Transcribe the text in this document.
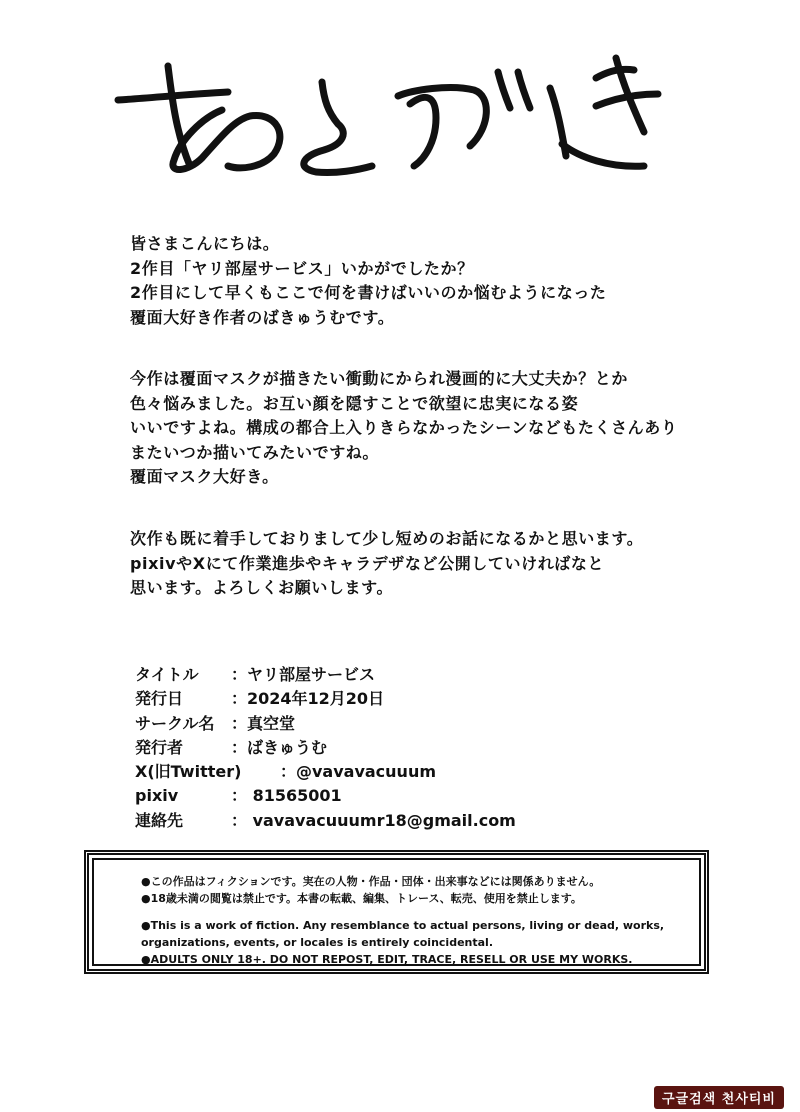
皆さまこんにちは。
2作目「ヤリ部屋サービス」いかがでしたか？
2作目にして早くもここで何を書けばいいのか悩むようになった
覆面大好き作者のばきゅうむです。
今作は覆面マスクが描きたい衝動にかられ漫画的に大丈夫か？とか
色々悩みました。お互い顔を隠すことで欲望に忠実になる姿
いいですよね。構成の都合上入りきらなかったシーンなどもたくさんあり
またいつか描いてみたいですね。
覆面マスク大好き。
次作も既に着手しておりまして少し短めのお話になるかと思います。
pixivやXにて作業進歩やキャラデザなど公開していければなと
思います。よろしくお願いします。
タイトル ：ヤリ部屋サービス
発行日	：2024年12月20日
サークル名 ：真空堂
発行者	：ばきゅうむ
X(旧Twitter) ：@vavavacuuum
pixiv	： 81565001
連絡先	： vavavacuuumr18@gmail.com
●この作品はフィクションです。実在の人物・作品・団体・出来事などには関係ありません。
●18歳未満の閲覧は禁止です。本書の転載、編集、トレース、転売、使用を禁止します。
●This is a work of fiction. Any resemblance to actual persons, living or dead, works,
organizations, events, or locales is entirely coincidental.
●ADULTS ONLY 18+. DO NOT REPOST, EDIT, TRACE, RESELL OR USE MY WORKS.
구글검색 천사티비
